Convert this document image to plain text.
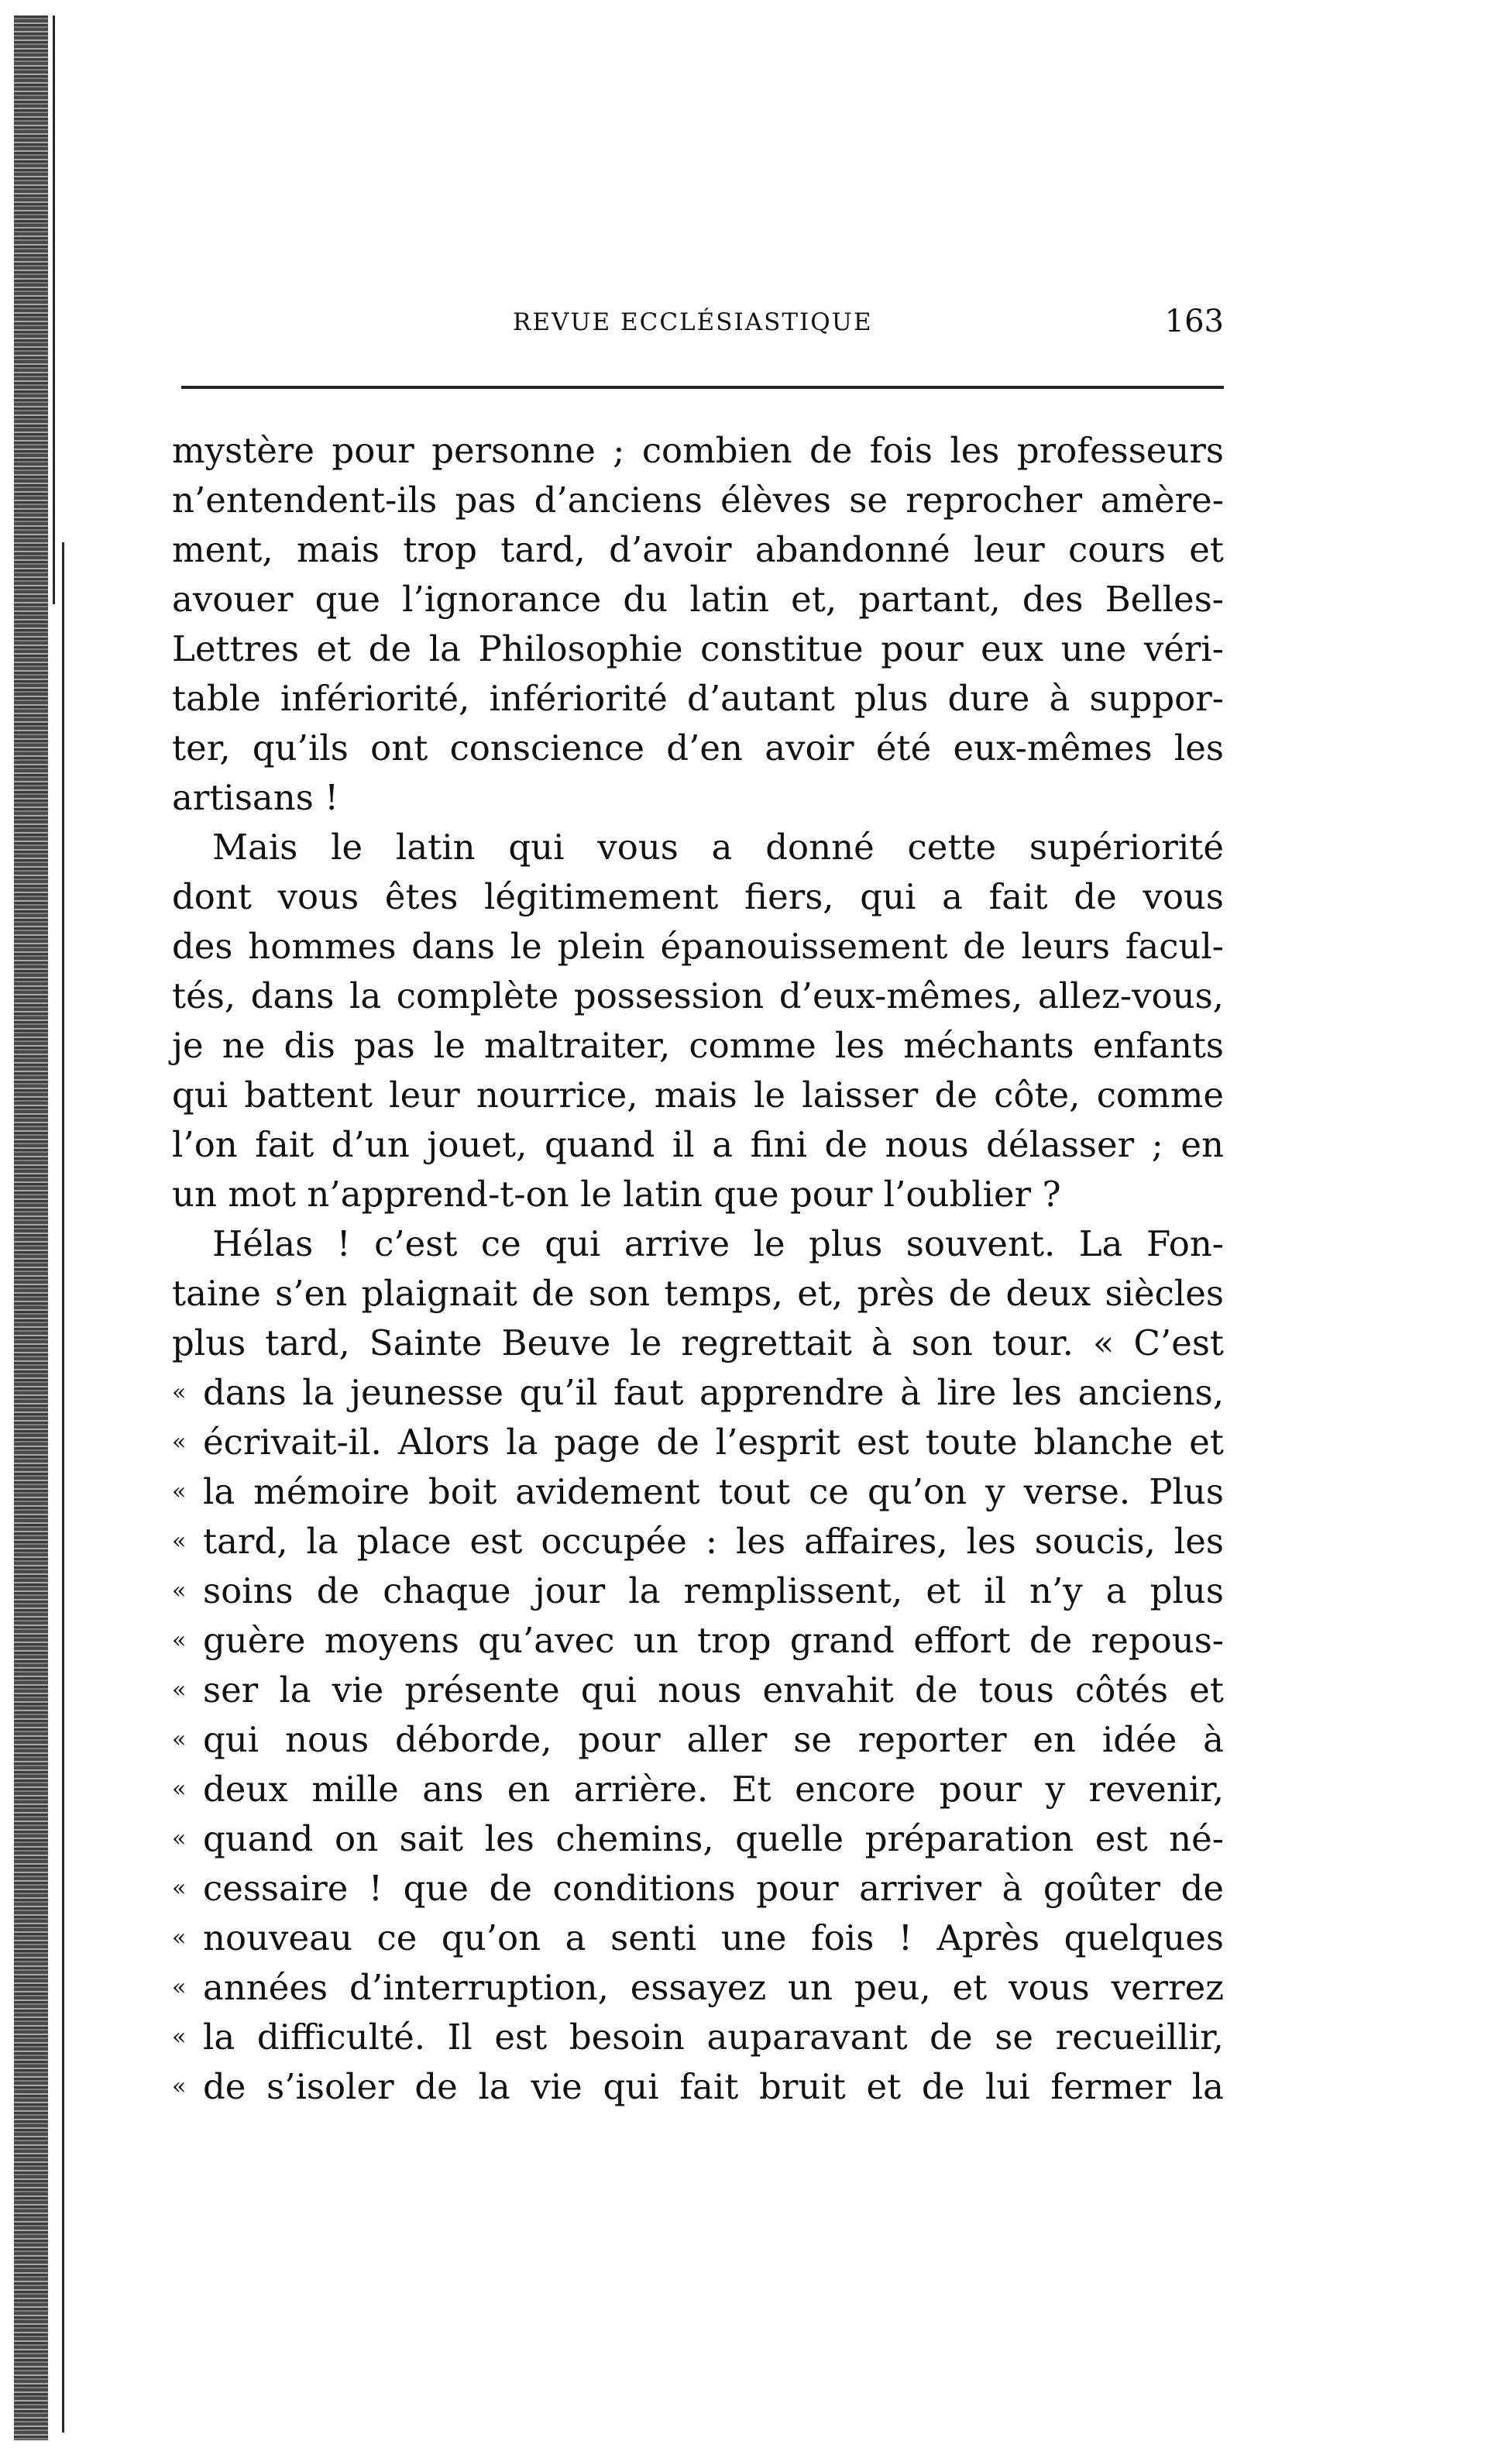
REVUE ECCLÉSIASTIQUE	163
mystère pour personne ; combien de fois les professeurs
n’entendent-ils pas d’anciens élèves se reprocher amère-
ment, mais trop tard, d’avoir abandonné leur cours et
avouer que l’ignorance du latin et, partant, des Belles-
Lettres et de la Philosophie constitue pour eux une véri-
table infériorité, infériorité d’autant plus dure à suppor-
ter, qu’ils ont conscience d’en avoir été eux-mêmes les
artisans !
Mais le latin qui vous a donné cette supériorité
dont vous êtes légitimement fiers, qui a fait de vous
des hommes dans le plein épanouissement de leurs facul-
tés, dans la complète possession d’eux-mêmes, allez-vous,
je ne dis pas le maltraiter, comme les méchants enfants
qui battent leur nourrice, mais le laisser de côte, comme
l’on fait d’un jouet, quand il a fini de nous délasser ; en
un mot n’apprend-t-on le latin que pour l’oublier ?
Hélas ! c’est ce qui arrive le plus souvent. La Fon-
taine s’en plaignait de son temps, et, près de deux siècles
plus tard, Sainte Beuve le regrettait à son tour. « C’est
« dans la jeunesse qu’il faut apprendre à lire les anciens,
« écrivait-il. Alors la page de l’esprit est toute blanche et
« la mémoire boit avidement tout ce qu’on y verse. Plus
« tard, la place est occupée : les affaires, les soucis, les
« soins de chaque jour la remplissent, et il n’y a plus
« guère moyens qu’avec un trop grand effort de repous-
« ser la vie présente qui nous envahit de tous côtés et
« qui nous déborde, pour aller se reporter en idée à
« deux mille ans en arrière. Et encore pour y revenir,
« quand on sait les chemins, quelle préparation est né-
« cessaire ! que de conditions pour arriver à goûter de
« nouveau ce qu’on a senti une fois ! Après quelques
« années d’interruption, essayez un peu, et vous verrez
« la difficulté. Il est besoin auparavant de se recueillir,
« de s’isoler de la vie qui fait bruit et de lui fermer la
